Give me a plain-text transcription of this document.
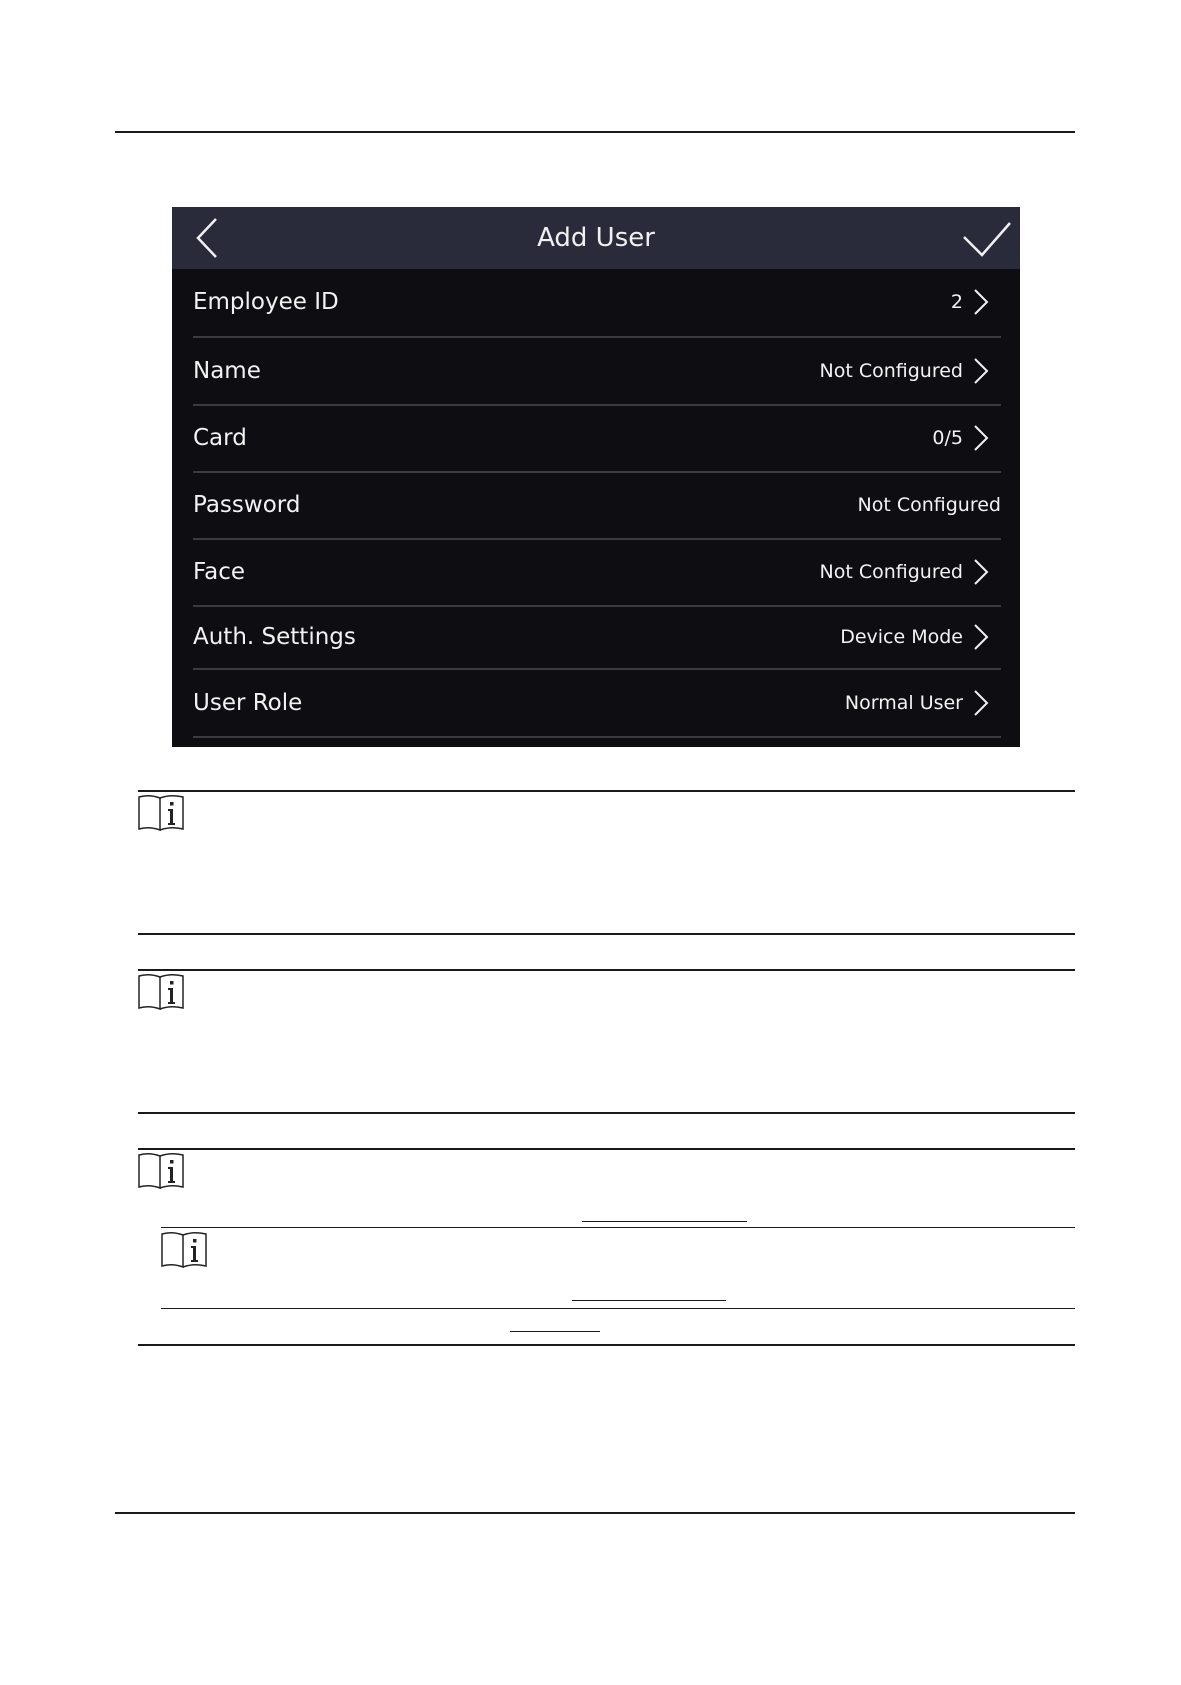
Add User
Employee ID	2
Name	Not Configured
Card	0/5
Password	Not Configured
Face	Not Configured
Auth. Settings	Device Mode
User Role	Normal User
